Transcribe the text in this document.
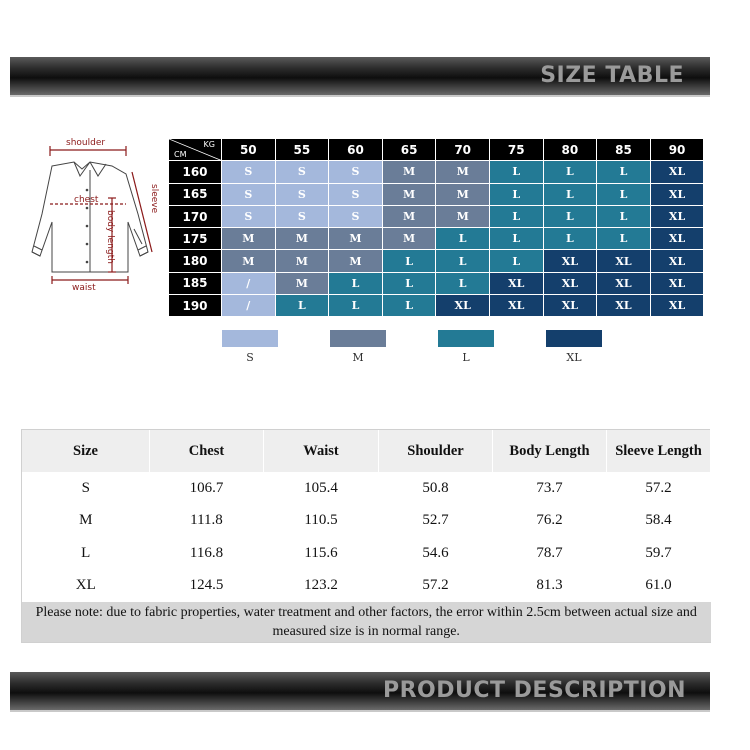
SIZE TABLE
shoulder
chest
waist
sleeve
body length
KG
CM	50	55	60	65	70	75	80	85	90
160	S	S	S	M	M	L	L	L	XL
165	S	S	S	M	M	L	L	L	XL
170	S	S	S	M	M	L	L	L	XL
175	M	M	M	M	L	L	L	L	XL
180	M	M	M	L	L	L	XL	XL	XL
185	/	M	L	L	L	XL	XL	XL	XL
190	/	L	L	L	XL	XL	XL	XL	XL
S	M	L	XL
Size	Chest	Waist	Shoulder	Body Length	Sleeve Length
S	106.7	105.4	50.8	73.7	57.2
M	111.8	110.5	52.7	76.2	58.4
L	116.8	115.6	54.6	78.7	59.7
XL	124.5	123.2	57.2	81.3	61.0
Please note: due to fabric properties, water treatment and other factors, the error within 2.5cm between actual size and measured size is in normal range.					
PRODUCT DESCRIPTION
